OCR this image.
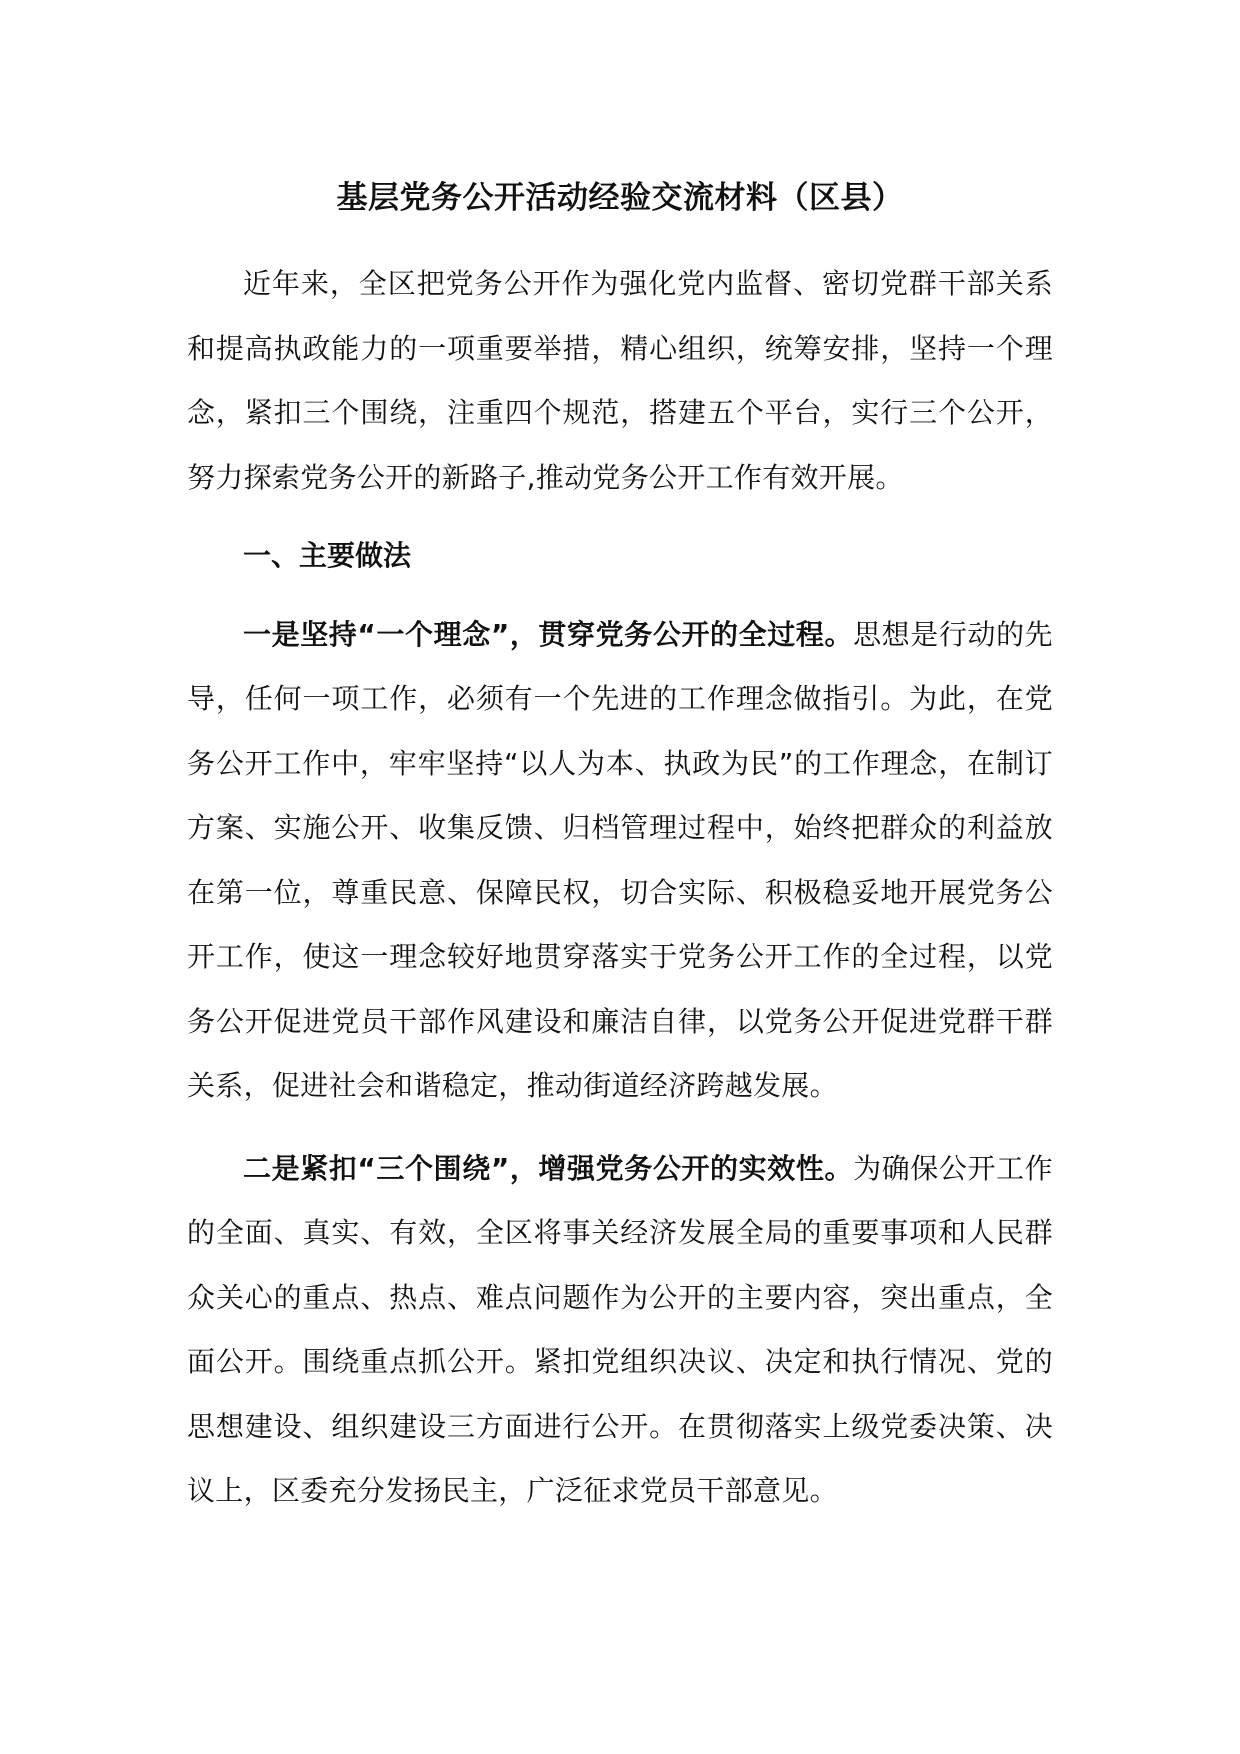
基层党务公开活动经验交流材料（区县）

近年来，全区把党务公开作为强化党内监督、密切党群干部关系和提高执政能力的一项重要举措，精心组织，统筹安排，坚持一个理念，紧扣三个围绕，注重四个规范，搭建五个平台，实行三个公开，努力探索党务公开的新路子,推动党务公开工作有效开展。

一、主要做法

一是坚持“一个理念”，贯穿党务公开的全过程。思想是行动的先导，任何一项工作，必须有一个先进的工作理念做指引。为此，在党务公开工作中，牢牢坚持“以人为本、执政为民”的工作理念，在制订方案、实施公开、收集反馈、归档管理过程中，始终把群众的利益放在第一位，尊重民意、保障民权，切合实际、积极稳妥地开展党务公开工作，使这一理念较好地贯穿落实于党务公开工作的全过程，以党务公开促进党员干部作风建设和廉洁自律，以党务公开促进党群干群关系，促进社会和谐稳定，推动街道经济跨越发展。

二是紧扣“三个围绕”，增强党务公开的实效性。为确保公开工作的全面、真实、有效，全区将事关经济发展全局的重要事项和人民群众关心的重点、热点、难点问题作为公开的主要内容，突出重点，全面公开。围绕重点抓公开。紧扣党组织决议、决定和执行情况、党的思想建设、组织建设三方面进行公开。在贯彻落实上级党委决策、决议上，区委充分发扬民主，广泛征求党员干部意见。
